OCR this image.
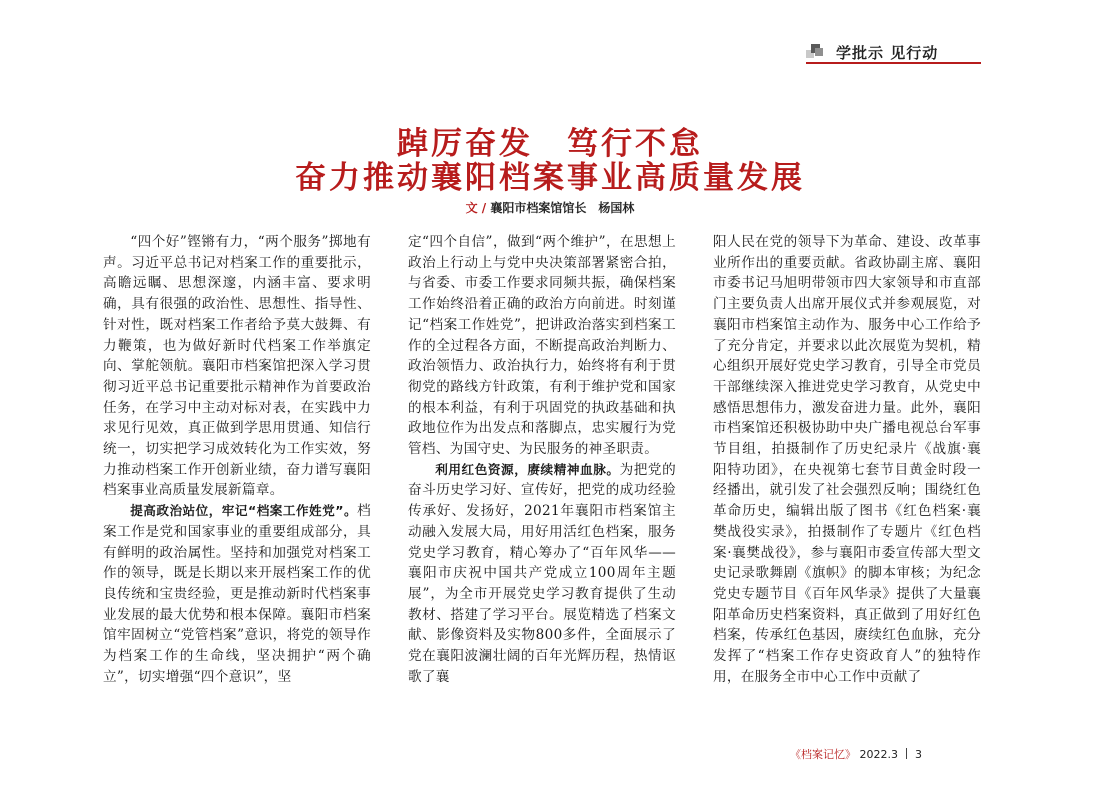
学批示 见行动
踔厉奋发　笃行不怠
奋力推动襄阳档案事业高质量发展
文 / 襄阳市档案馆馆长　杨国林

“四个好”铿锵有力，“两个服务”掷地有声。习近平总书记对档案工作的重要批示，高瞻远瞩、思想深邃，内涵丰富、要求明确，具有很强的政治性、思想性、指导性、针对性，既对档案工作者给予莫大鼓舞、有力鞭策，也为做好新时代档案工作举旗定向、掌舵领航。襄阳市档案馆把深入学习贯彻习近平总书记重要批示精神作为首要政治任务，在学习中主动对标对表，在实践中力求见行见效，真正做到学思用贯通、知信行统一，切实把学习成效转化为工作实效，努力推动档案工作开创新业绩，奋力谱写襄阳档案事业高质量发展新篇章。

提高政治站位，牢记“档案工作姓党”。档案工作是党和国家事业的重要组成部分，具有鲜明的政治属性。坚持和加强党对档案工作的领导，既是长期以来开展档案工作的优良传统和宝贵经验，更是推动新时代档案事业发展的最大优势和根本保障。襄阳市档案馆牢固树立“党管档案”意识，将党的领导作为档案工作的生命线，坚决拥护“两个确立”，切实增强“四个意识”，坚

定“四个自信”，做到“两个维护”，在思想上政治上行动上与党中央决策部署紧密合拍，与省委、市委工作要求同频共振，确保档案工作始终沿着正确的政治方向前进。时刻谨记“档案工作姓党”，把讲政治落实到档案工作的全过程各方面，不断提高政治判断力、政治领悟力、政治执行力，始终将有利于贯彻党的路线方针政策，有利于维护党和国家的根本利益，有利于巩固党的执政基础和执政地位作为出发点和落脚点，忠实履行为党管档、为国守史、为民服务的神圣职责。

利用红色资源，赓续精神血脉。为把党的奋斗历史学习好、宣传好，把党的成功经验传承好、发扬好，2021年襄阳市档案馆主动融入发展大局，用好用活红色档案，服务党史学习教育，精心筹办了“百年风华——襄阳市庆祝中国共产党成立100周年主题展”，为全市开展党史学习教育提供了生动教材、搭建了学习平台。展览精选了档案文献、影像资料及实物800多件，全面展示了党在襄阳波澜壮阔的百年光辉历程，热情讴歌了襄

阳人民在党的领导下为革命、建设、改革事业所作出的重要贡献。省政协副主席、襄阳市委书记马旭明带领市四大家领导和市直部门主要负责人出席开展仪式并参观展览，对襄阳市档案馆主动作为、服务中心工作给予了充分肯定，并要求以此次展览为契机，精心组织开展好党史学习教育，引导全市党员干部继续深入推进党史学习教育，从党史中感悟思想伟力，激发奋进力量。此外，襄阳市档案馆还积极协助中央广播电视总台军事节目组，拍摄制作了历史纪录片《战旗·襄阳特功团》，在央视第七套节目黄金时段一经播出，就引发了社会强烈反响；围绕红色革命历史，编辑出版了图书《红色档案·襄樊战役实录》，拍摄制作了专题片《红色档案·襄樊战役》，参与襄阳市委宣传部大型文史记录歌舞剧《旗帜》的脚本审核；为纪念党史专题节目《百年风华录》提供了大量襄阳革命历史档案资料，真正做到了用好红色档案，传承红色基因，赓续红色血脉，充分发挥了“档案工作存史资政育人”的独特作用，在服务全市中心工作中贡献了

《档案记忆》 2022.3 3
